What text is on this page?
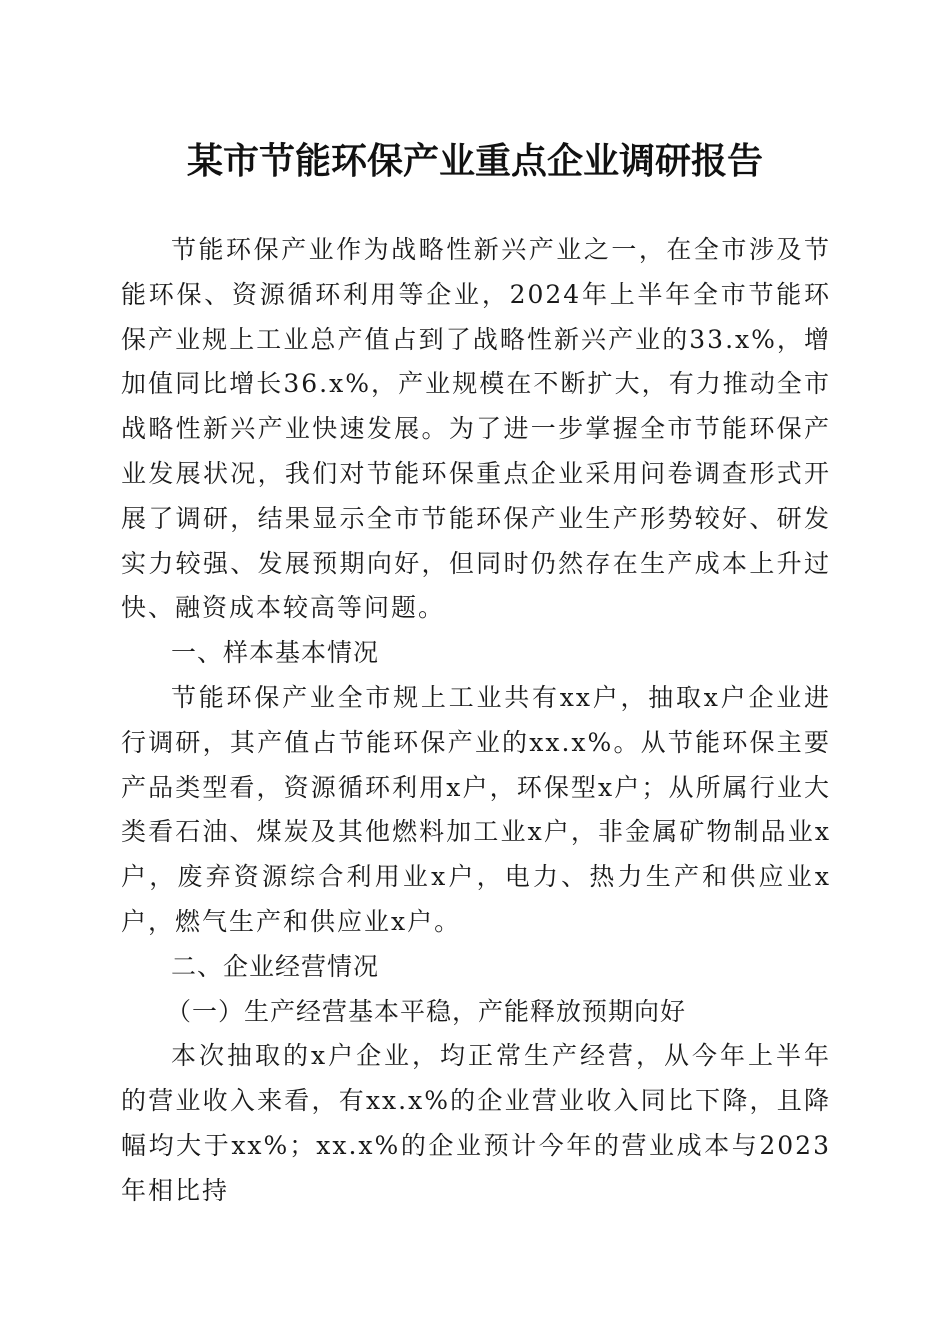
某市节能环保产业重点企业调研报告

节能环保产业作为战略性新兴产业之一，在全市涉及节能环保、资源循环利用等企业，2024年上半年全市节能环保产业规上工业总产值占到了战略性新兴产业的33.x%，增加值同比增长36.x%，产业规模在不断扩大，有力推动全市战略性新兴产业快速发展。为了进一步掌握全市节能环保产业发展状况，我们对节能环保重点企业采用问卷调查形式开展了调研，结果显示全市节能环保产业生产形势较好、研发实力较强、发展预期向好，但同时仍然存在生产成本上升过快、融资成本较高等问题。

一、样本基本情况

节能环保产业全市规上工业共有xx户，抽取x户企业进行调研，其产值占节能环保产业的xx.x%。从节能环保主要产品类型看，资源循环利用x户，环保型x户；从所属行业大类看石油、煤炭及其他燃料加工业x户，非金属矿物制品业x户，废弃资源综合利用业x户，电力、热力生产和供应业x户，燃气生产和供应业x户。

二、企业经营情况

（一）生产经营基本平稳，产能释放预期向好

本次抽取的x户企业，均正常生产经营，从今年上半年的营业收入来看，有xx.x%的企业营业收入同比下降，且降幅均大于xx%；xx.x%的企业预计今年的营业成本与2023年相比持
